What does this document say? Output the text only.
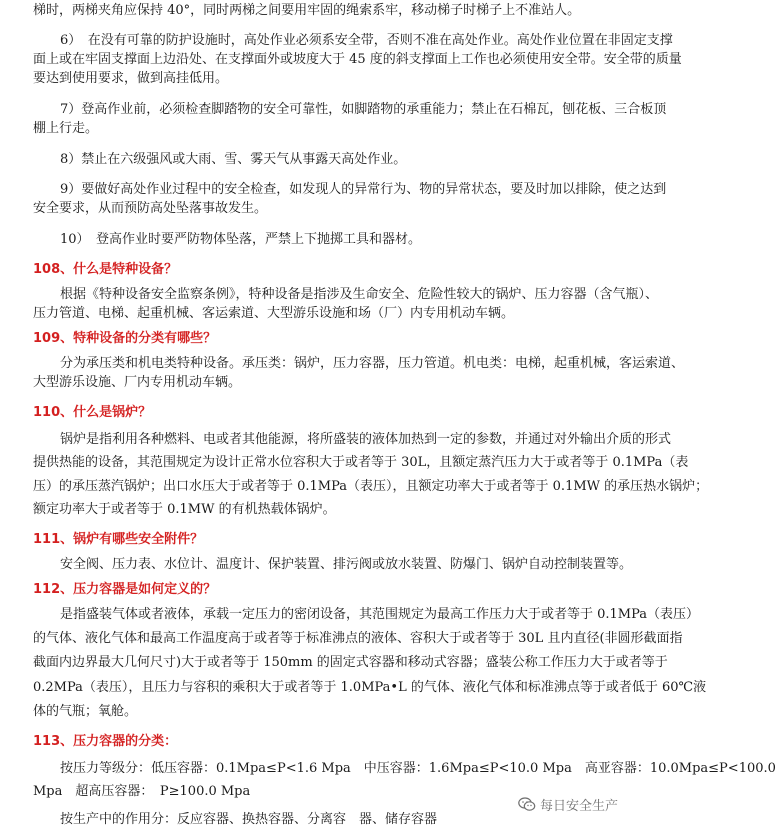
梯时，两梯夹角应保持 40°，同时两梯之间要用牢固的绳索系牢，移动梯子时梯子上不准站人。
6）　在没有可靠的防护设施时，高处作业必须系安全带，否则不准在高处作业。高处作业位置在非固定支撑
面上或在牢固支撑面上边沿处、在支撑面外或坡度大于 45 度的斜支撑面上工作也必须使用安全带。安全带的质量
要达到使用要求，做到高挂低用。
7）登高作业前，必须检查脚踏物的安全可靠性，如脚踏物的承重能力；禁止在石棉瓦，刨花板、三合板顶
棚上行走。
8）禁止在六级强风或大雨、雪、雾天气从事露天高处作业。
9）要做好高处作业过程中的安全检查，如发现人的异常行为、物的异常状态，要及时加以排除，使之达到
安全要求，从而预防高处坠落事故发生。
10）　登高作业时要严防物体坠落，严禁上下抛掷工具和器材。
108、什么是特种设备？
根据《特种设备安全监察条例》，特种设备是指涉及生命安全、危险性较大的锅炉、压力容器（含气瓶）、
压力管道、电梯、起重机械、客运索道、大型游乐设施和场（厂）内专用机动车辆。
109、特种设备的分类有哪些？
分为承压类和机电类特种设备。承压类：锅炉，压力容器，压力管道。机电类：电梯，起重机械，客运索道、
大型游乐设施、厂内专用机动车辆。
110、什么是锅炉？
锅炉是指利用各种燃料、电或者其他能源，将所盛装的液体加热到一定的参数，并通过对外输出介质的形式
提供热能的设备，其范围规定为设计正常水位容积大于或者等于 30L，且额定蒸汽压力大于或者等于 0.1MPa（表
压）的承压蒸汽锅炉；出口水压大于或者等于 0.1MPa（表压），且额定功率大于或者等于 0.1MW 的承压热水锅炉；
额定功率大于或者等于 0.1MW 的有机热载体锅炉。
111、锅炉有哪些安全附件？
安全阀、压力表、水位计、温度计、保护装置、排污阀或放水装置、防爆门、锅炉自动控制装置等。
112、压力容器是如何定义的？
是指盛装气体或者液体，承载一定压力的密闭设备，其范围规定为最高工作压力大于或者等于 0.1MPa（表压）
的气体、液化气体和最高工作温度高于或者等于标准沸点的液体、容积大于或者等于 30L 且内直径(非圆形截面指
截面内边界最大几何尺寸)大于或者等于 150mm 的固定式容器和移动式容器；盛装公称工作压力大于或者等于
0.2MPa（表压），且压力与容积的乘积大于或者等于 1.0MPa•L 的气体、液化气体和标准沸点等于或者低于 60℃液
体的气瓶；氧舱。
113、压力容器的分类：
按压力等级分：低压容器：0.1Mpa≤P<1.6 Mpa　中压容器：1.6Mpa≤P<10.0 Mpa　高亚容器：10.0Mpa≤P<100.0
Mpa　超高压容器：　P≥100.0 Mpa
按生产中的作用分：反应容器、换热容器、分离容　器、储存容器
每日安全生产
